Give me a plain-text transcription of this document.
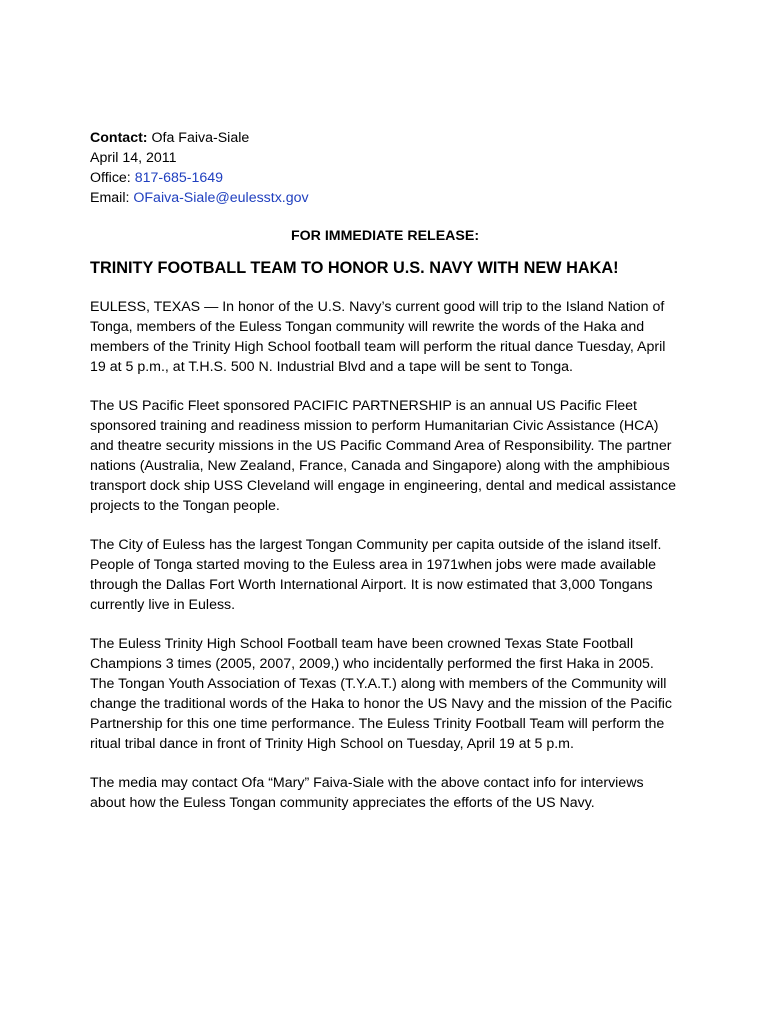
Contact: Ofa Faiva-Siale
April 14, 2011
Office: 817-685-1649
Email: OFaiva-Siale@eulesstx.gov
FOR IMMEDIATE RELEASE:
TRINITY FOOTBALL TEAM TO HONOR U.S. NAVY WITH NEW HAKA!

EULESS, TEXAS — In honor of the U.S. Navy’s current good will trip to the Island Nation of Tonga, members of the Euless Tongan community will rewrite the words of the Haka and members of the Trinity High School football team will perform the ritual dance Tuesday, April 19 at 5 p.m., at T.H.S. 500 N. Industrial Blvd and a tape will be sent to Tonga.

The US Pacific Fleet sponsored PACIFIC PARTNERSHIP is an annual US Pacific Fleet sponsored training and readiness mission to perform Humanitarian Civic Assistance (HCA) and theatre security missions in the US Pacific Command Area of Responsibility. The partner nations (Australia, New Zealand, France, Canada and Singapore) along with the amphibious transport dock ship USS Cleveland will engage in engineering, dental and medical assistance projects to the Tongan people.

The City of Euless has the largest Tongan Community per capita outside of the island itself. People of Tonga started moving to the Euless area in 1971when jobs were made available through the Dallas Fort Worth International Airport. It is now estimated that 3,000 Tongans currently live in Euless.

The Euless Trinity High School Football team have been crowned Texas State Football Champions 3 times (2005, 2007, 2009,) who incidentally performed the first Haka in 2005. The Tongan Youth Association of Texas (T.Y.A.T.) along with members of the Community will change the traditional words of the Haka to honor the US Navy and the mission of the Pacific Partnership for this one time performance. The Euless Trinity Football Team will perform the ritual tribal dance in front of Trinity High School on Tuesday, April 19 at 5 p.m.

The media may contact Ofa “Mary” Faiva-Siale with the above contact info for interviews about how the Euless Tongan community appreciates the efforts of the US Navy.
